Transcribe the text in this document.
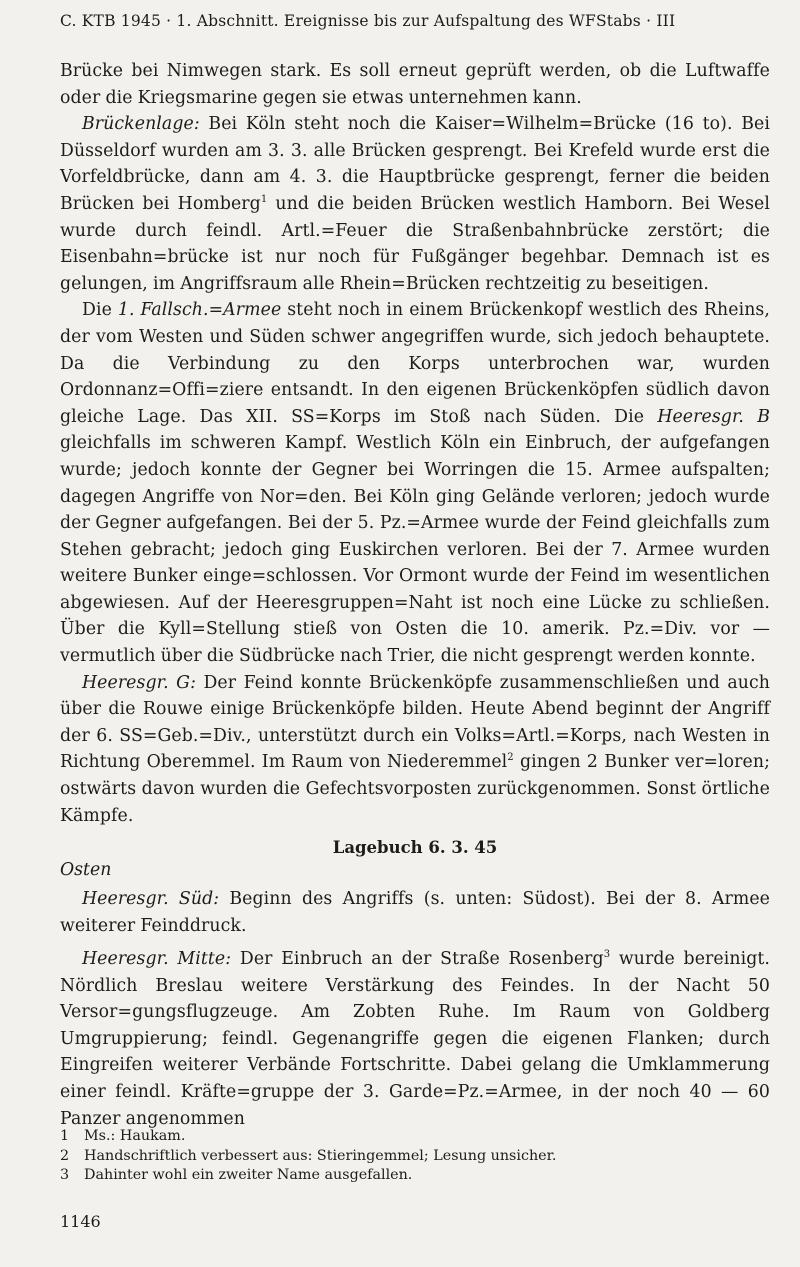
C. KTB 1945 · 1. Abschnitt. Ereignisse bis zur Aufspaltung des WFStabs · III

Brücke bei Nimwegen stark. Es soll erneut geprüft werden, ob die Luftwaffe oder die Kriegsmarine gegen sie etwas unternehmen kann.

Brückenlage: Bei Köln steht noch die Kaiser=Wilhelm=Brücke (16 to). Bei Düsseldorf wurden am 3. 3. alle Brücken gesprengt. Bei Krefeld wurde erst die Vorfeldbrücke, dann am 4. 3. die Hauptbrücke gesprengt, ferner die beiden Brücken bei Homberg$^1$ und die beiden Brücken westlich Hamborn. Bei Wesel wurde durch feindl. Artl.=Feuer die Straßenbahnbrücke zerstört; die Eisenbahn=brücke ist nur noch für Fußgänger begehbar. Demnach ist es gelungen, im Angriffsraum alle Rhein=Brücken rechtzeitig zu beseitigen.

Die 1. Fallsch.=Armee steht noch in einem Brückenkopf westlich des Rheins, der vom Westen und Süden schwer angegriffen wurde, sich jedoch behauptete. Da die Verbindung zu den Korps unterbrochen war, wurden Ordonnanz=Offi=ziere entsandt. In den eigenen Brückenköpfen südlich davon gleiche Lage. Das XII. SS=Korps im Stoß nach Süden. Die Heeresgr. B gleichfalls im schweren Kampf. Westlich Köln ein Einbruch, der aufgefangen wurde; jedoch konnte der Gegner bei Worringen die 15. Armee aufspalten; dagegen Angriffe von Nor=den. Bei Köln ging Gelände verloren; jedoch wurde der Gegner aufgefangen. Bei der 5. Pz.=Armee wurde der Feind gleichfalls zum Stehen gebracht; jedoch ging Euskirchen verloren. Bei der 7. Armee wurden weitere Bunker einge=schlossen. Vor Ormont wurde der Feind im wesentlichen abgewiesen. Auf der Heeresgruppen=Naht ist noch eine Lücke zu schließen. Über die Kyll=Stellung stieß von Osten die 10. amerik. Pz.=Div. vor — vermutlich über die Südbrücke nach Trier, die nicht gesprengt werden konnte.

Heeresgr. G: Der Feind konnte Brückenköpfe zusammenschließen und auch über die Rouwe einige Brückenköpfe bilden. Heute Abend beginnt der Angriff der 6. SS=Geb.=Div., unterstützt durch ein Volks=Artl.=Korps, nach Westen in Richtung Oberemmel. Im Raum von Niederemmel$^2$ gingen 2 Bunker ver=loren; ostwärts davon wurden die Gefechtsvorposten zurückgenommen. Sonst örtliche Kämpfe.

Lagebuch 6. 3. 45
Osten

Heeresgr. Süd: Beginn des Angriffs (s. unten: Südost). Bei der 8. Armee weiterer Feinddruck.

Heeresgr. Mitte: Der Einbruch an der Straße Rosenberg$^3$ wurde bereinigt. Nördlich Breslau weitere Verstärkung des Feindes. In der Nacht 50 Versor=gungsflugzeuge. Am Zobten Ruhe. Im Raum von Goldberg Umgruppierung; feindl. Gegenangriffe gegen die eigenen Flanken; durch Eingreifen weiterer Verbände Fortschritte. Dabei gelang die Umklammerung einer feindl. Kräfte=gruppe der 3. Garde=Pz.=Armee, in der noch 40 — 60 Panzer angenommen

1 Ms.: Haukam.
2 Handschriftlich verbessert aus: Stieringemmel; Lesung unsicher.
3 Dahinter wohl ein zweiter Name ausgefallen.
1146
